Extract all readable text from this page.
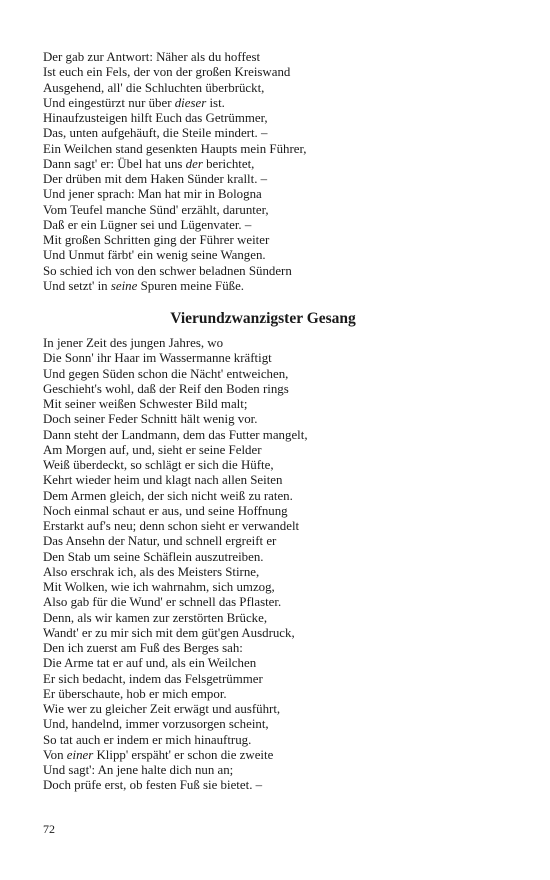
Der gab zur Antwort: Näher als du hoffest
Ist euch ein Fels, der von der großen Kreiswand
Ausgehend, all' die Schluchten überbrückt,
Und eingestürzt nur über dieser ist.
Hinaufzusteigen hilft Euch das Getrümmer,
Das, unten aufgehäuft, die Steile mindert. –
Ein Weilchen stand gesenkten Haupts mein Führer,
Dann sagt' er: Übel hat uns der berichtet,
Der drüben mit dem Haken Sünder krallt. –
Und jener sprach: Man hat mir in Bologna
Vom Teufel manche Sünd' erzählt, darunter,
Daß er ein Lügner sei und Lügenvater. –
Mit großen Schritten ging der Führer weiter
Und Unmut färbt' ein wenig seine Wangen.
So schied ich von den schwer beladnen Sündern
Und setzt' in seine Spuren meine Füße.
Vierundzwanzigster Gesang
In jener Zeit des jungen Jahres, wo
Die Sonn' ihr Haar im Wassermanne kräftigt
Und gegen Süden schon die Nächt' entweichen,
Geschieht's wohl, daß der Reif den Boden rings
Mit seiner weißen Schwester Bild malt;
Doch seiner Feder Schnitt hält wenig vor.
Dann steht der Landmann, dem das Futter mangelt,
Am Morgen auf, und, sieht er seine Felder
Weiß überdeckt, so schlägt er sich die Hüfte,
Kehrt wieder heim und klagt nach allen Seiten
Dem Armen gleich, der sich nicht weiß zu raten.
Noch einmal schaut er aus, und seine Hoffnung
Erstarkt auf's neu; denn schon sieht er verwandelt
Das Ansehn der Natur, und schnell ergreift er
Den Stab um seine Schäflein auszutreiben.
Also erschrak ich, als des Meisters Stirne,
Mit Wolken, wie ich wahrnahm, sich umzog,
Also gab für die Wund' er schnell das Pflaster.
Denn, als wir kamen zur zerstörten Brücke,
Wandt' er zu mir sich mit dem güt'gen Ausdruck,
Den ich zuerst am Fuß des Berges sah:
Die Arme tat er auf und, als ein Weilchen
Er sich bedacht, indem das Felsgetrümmer
Er überschaute, hob er mich empor.
Wie wer zu gleicher Zeit erwägt und ausführt,
Und, handelnd, immer vorzusorgen scheint,
So tat auch er indem er mich hinauftrug.
Von einer Klipp' erspäht' er schon die zweite
Und sagt': An jene halte dich nun an;
Doch prüfe erst, ob festen Fuß sie bietet. –
72
